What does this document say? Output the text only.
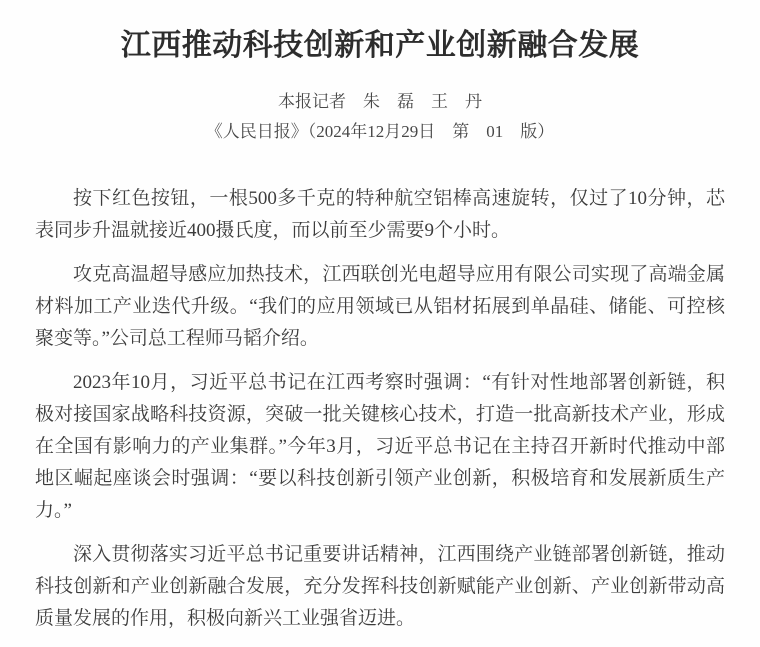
江西推动科技创新和产业创新融合发展
本报记者　朱　磊　王　丹
《人民日报》（2024年12月29日　第　01　版）

按下红色按钮，一根500多千克的特种航空铝棒高速旋转，仅过了10分钟，芯表同步升温就接近400摄氏度，而以前至少需要9个小时。

攻克高温超导感应加热技术，江西联创光电超导应用有限公司实现了高端金属材料加工产业迭代升级。“我们的应用领域已从铝材拓展到单晶硅、储能、可控核聚变等。”公司总工程师马韬介绍。

2023年10月，习近平总书记在江西考察时强调：“有针对性地部署创新链，积极对接国家战略科技资源，突破一批关键核心技术，打造一批高新技术产业，形成在全国有影响力的产业集群。”今年3月，习近平总书记在主持召开新时代推动中部地区崛起座谈会时强调：“要以科技创新引领产业创新，积极培育和发展新质生产力。”

深入贯彻落实习近平总书记重要讲话精神，江西围绕产业链部署创新链，推动科技创新和产业创新融合发展，充分发挥科技创新赋能产业创新、产业创新带动高质量发展的作用，积极向新兴工业强省迈进。
